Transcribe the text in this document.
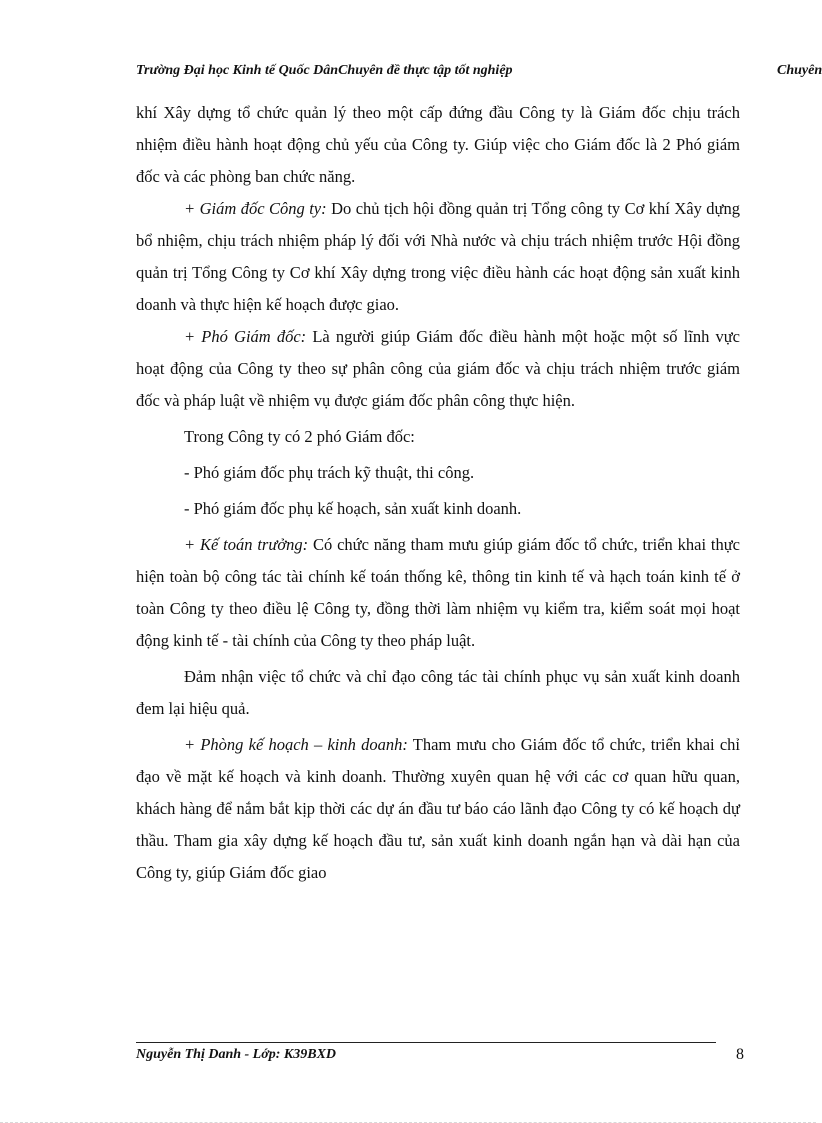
Trường Đại học Kinh tế Quốc DânChuyên đề thực tập tốt nghiệp	Chuyên

khí Xây dựng tổ chức quản lý theo một cấp đứng đầu Công ty là Giám đốc chịu trách nhiệm điều hành hoạt động chủ yếu của Công ty. Giúp việc cho Giám đốc là 2 Phó giám đốc và các phòng ban chức năng.

+ Giám đốc Công ty: Do chủ tịch hội đồng quản trị Tổng công ty Cơ khí Xây dựng bổ nhiệm, chịu trách nhiệm pháp lý đối với Nhà nước và chịu trách nhiệm trước Hội đồng quản trị Tổng Công ty Cơ khí Xây dựng trong việc điều hành các hoạt động sản xuất kinh doanh và thực hiện kế hoạch được giao.

+ Phó Giám đốc: Là người giúp Giám đốc điều hành một hoặc một số lĩnh vực hoạt động của Công ty theo sự phân công của giám đốc và chịu trách nhiệm trước giám đốc và pháp luật về nhiệm vụ được giám đốc phân công thực hiện.

Trong Công ty có 2 phó Giám đốc:

- Phó giám đốc phụ trách kỹ thuật, thi công.

- Phó giám đốc phụ kế hoạch, sản xuất kinh doanh.

+ Kế toán trưởng: Có chức năng tham mưu giúp giám đốc tổ chức, triển khai thực hiện toàn bộ công tác tài chính kế toán thống kê, thông tin kinh tế và hạch toán kinh tế ở toàn Công ty theo điều lệ Công ty, đồng thời làm nhiệm vụ kiểm tra, kiểm soát mọi hoạt động kinh tế - tài chính của Công ty theo pháp luật.

Đảm nhận việc tổ chức và chỉ đạo công tác tài chính phục vụ sản xuất kinh doanh đem lại hiệu quả.

+ Phòng kế hoạch – kinh doanh: Tham mưu cho Giám đốc tổ chức, triển khai chỉ đạo về mặt kế hoạch và kinh doanh. Thường xuyên quan hệ với các cơ quan hữu quan, khách hàng để nắm bắt kịp thời các dự án đầu tư báo cáo lãnh đạo Công ty có kế hoạch dự thầu. Tham gia xây dựng kế hoạch đầu tư, sản xuất kinh doanh ngắn hạn và dài hạn của Công ty, giúp Giám đốc giao

Nguyễn Thị Danh - Lớp: K39BXD	8
